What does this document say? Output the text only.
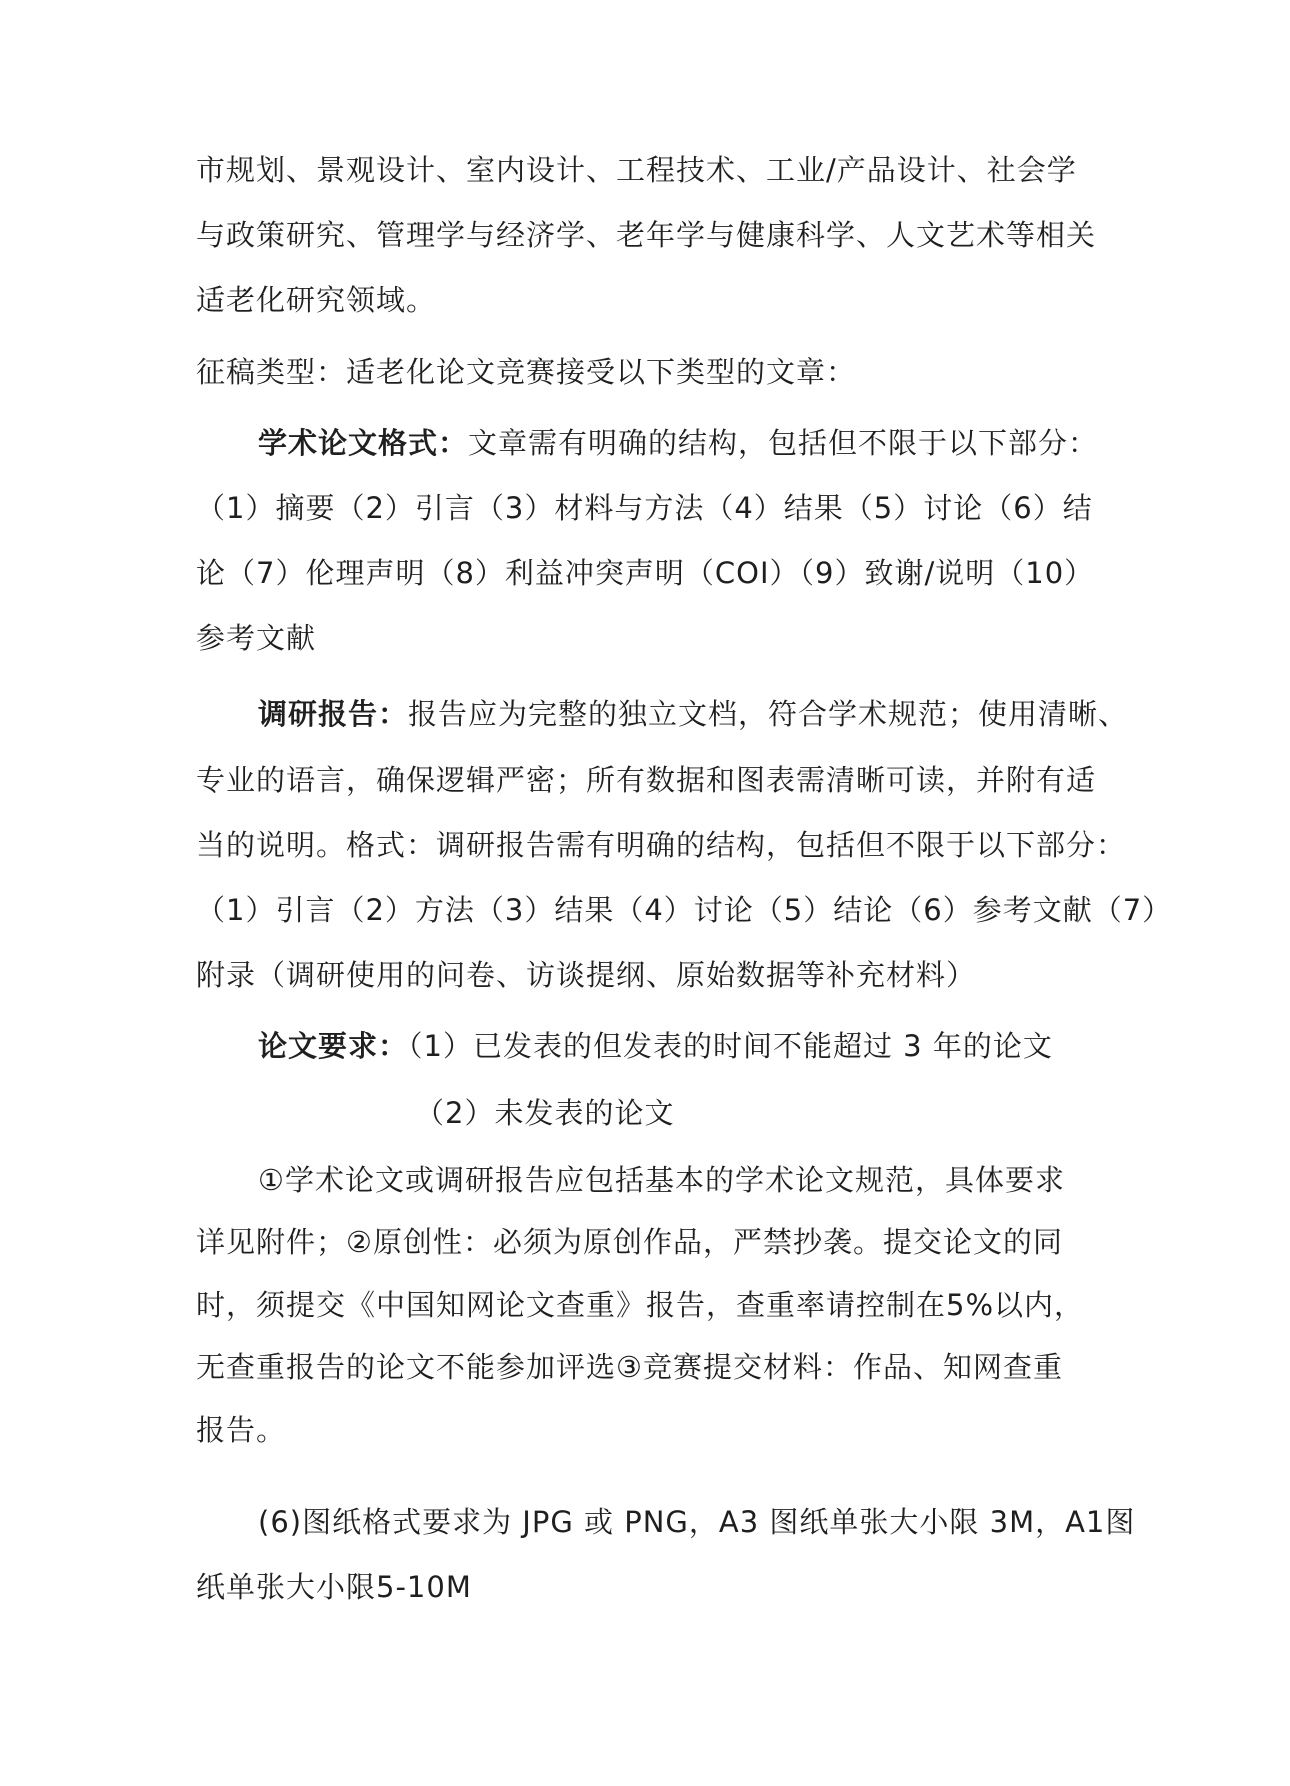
市规划、景观设计、室内设计、工程技术、工业/产品设计、社会学
与政策研究、管理学与经济学、老年学与健康科学、人文艺术等相关
适老化研究领域。
征稿类型：适老化论文竞赛接受以下类型的文章：
学术论文格式：文章需有明确的结构，包括但不限于以下部分：
（1）摘要（2）引言（3）材料与方法（4）结果（5）讨论（6）结
论（7）伦理声明（8）利益冲突声明（COI）（9）致谢/说明（10）
参考文献
调研报告：报告应为完整的独立文档，符合学术规范；使用清晰、
专业的语言，确保逻辑严密；所有数据和图表需清晰可读，并附有适
当的说明。格式：调研报告需有明确的结构，包括但不限于以下部分：
（1）引言（2）方法（3）结果（4）讨论（5）结论（6）参考文献（7）
附录（调研使用的问卷、访谈提纲、原始数据等补充材料）
论文要求：（1）已发表的但发表的时间不能超过 3 年的论文
（2）未发表的论文
①学术论文或调研报告应包括基本的学术论文规范，具体要求
详见附件；②原创性：必须为原创作品，严禁抄袭。提交论文的同
时，须提交《中国知网论文查重》报告，查重率请控制在5%以内，
无查重报告的论文不能参加评选③竞赛提交材料：作品、知网查重
报告。
(6)图纸格式要求为 JPG 或 PNG，A3 图纸单张大小限 3M，A1图
纸单张大小限5-10M
